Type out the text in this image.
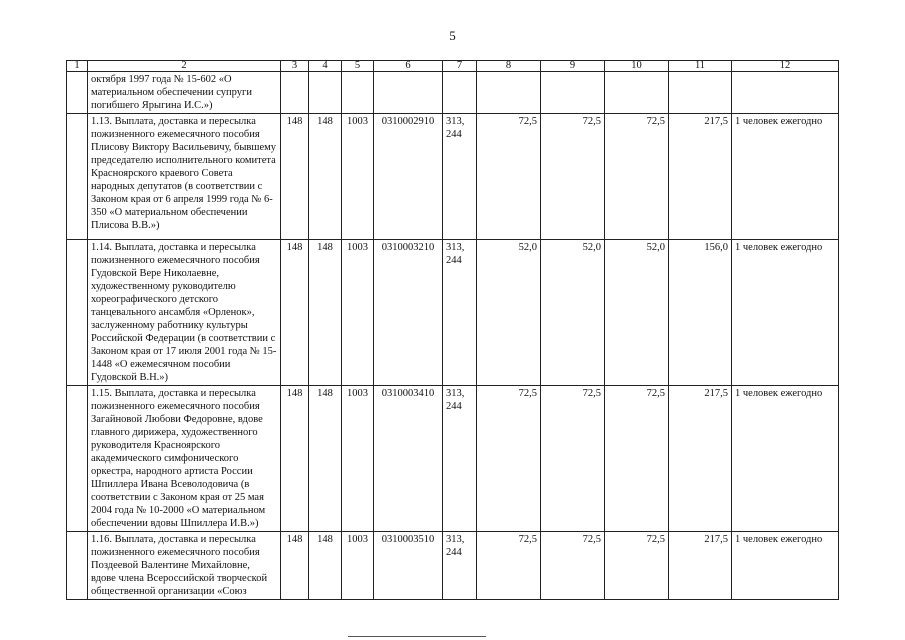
5
1	2	3	4	5	6	7	8	9	10	11	12
	октября 1997 года № 15-602 «О материальном обеспечении супруги погибшего Ярыгина И.С.»)										
	1.13. Выплата, доставка и пересылка пожизненного ежемесячного пособия Плисову Виктору Васильевичу, бывшему председателю исполнительного комитета Красноярского краевого Совета народных депутатов (в соответствии с Законом края от 6 апреля 1999 года № 6-350 «О материальном обеспечении Плисова В.В.»)	148	148	1003	0310002910	313, 244	72,5	72,5	72,5	217,5	1 человек ежегодно
	1.14. Выплата, доставка и пересылка пожизненного ежемесячного пособия Гудовской Вере Николаевне, художественному руководителю хореографического детского танцевального ансамбля «Орленок», заслуженному работнику культуры Российской Федерации (в соответствии с Законом края от 17 июля 2001 года № 15-1448 «О ежемесячном пособии Гудовской В.Н.»)	148	148	1003	0310003210	313, 244	52,0	52,0	52,0	156,0	1 человек ежегодно
	1.15. Выплата, доставка и пересылка пожизненного ежемесячного пособия Загайновой Любови Федоровне, вдове главного дирижера, художественного руководителя Красноярского академического симфонического оркестра, народного артиста России Шпиллера Ивана Всеволодовича (в соответствии с Законом края от 25 мая 2004 года № 10-2000 «О материальном обеспечении вдовы Шпиллера И.В.»)	148	148	1003	0310003410	313, 244	72,5	72,5	72,5	217,5	1 человек ежегодно
	1.16. Выплата, доставка и пересылка пожизненного ежемесячного пособия Поздеевой Валентине Михайловне, вдове члена Всероссийской творческой общественной организации «Союз	148	148	1003	0310003510	313, 244	72,5	72,5	72,5	217,5	1 человек ежегодно
